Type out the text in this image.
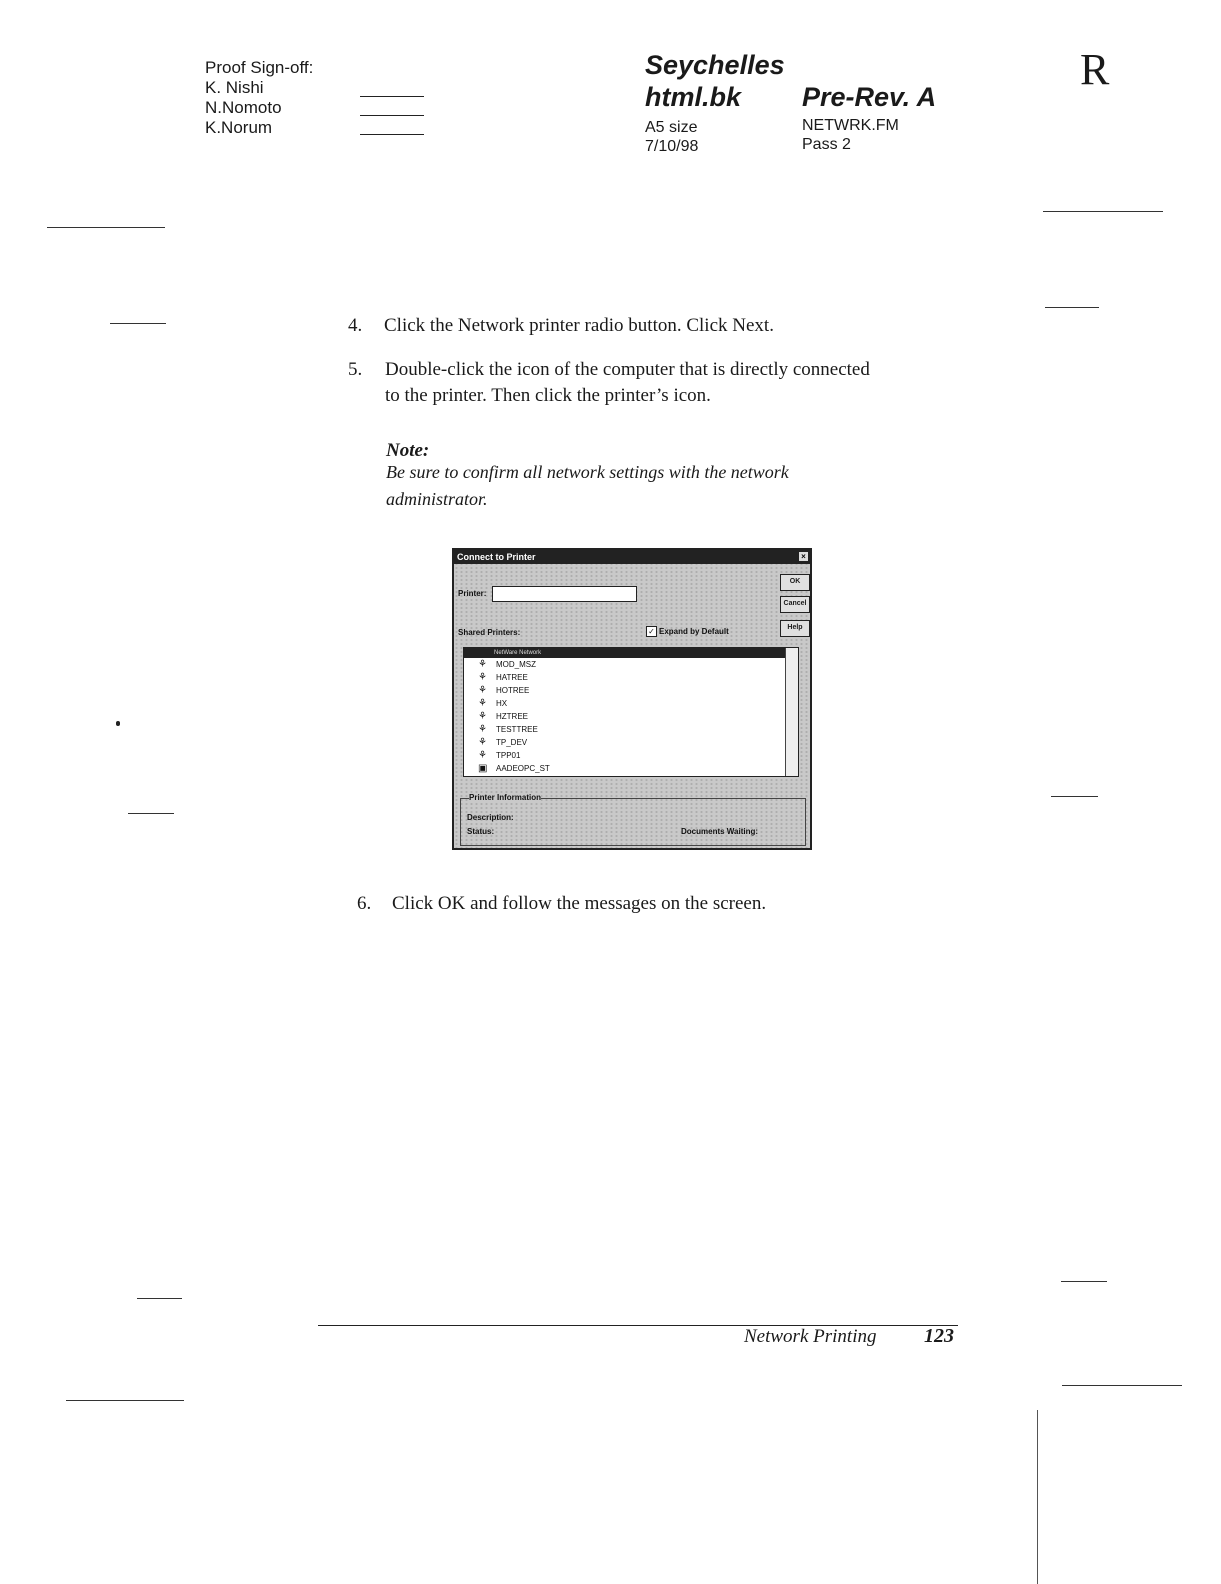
Proof Sign-off:
K. Nishi
N.Nomoto
K.Norum
Seychelles
html.bk Pre-Rev. A
A5 size
7/10/98
NETWRK.FM
Pass 2
R
4. Click the Network printer radio button. Click Next.
5. Double-click the icon of the computer that is directly connected to the printer. Then click the printer’s icon.
Note:
Be sure to confirm all network settings with the network administrator.
Connect to Printer	×
Printer:
Shared Printers:	✓ Expand by Default
OK
Cancel
Help
NetWare Network
⚘ MOD_MSZ
⚘ HATREE
⚘ HOTREE
⚘ HX
⚘ HZTREE
⚘ TESTTREE
⚘ TP_DEV
⚘ TPP01
▣ AADEOPC_ST
Printer Information
Description:
Status:	Documents Waiting:
6. Click OK and follow the messages on the screen.
Network Printing 123
